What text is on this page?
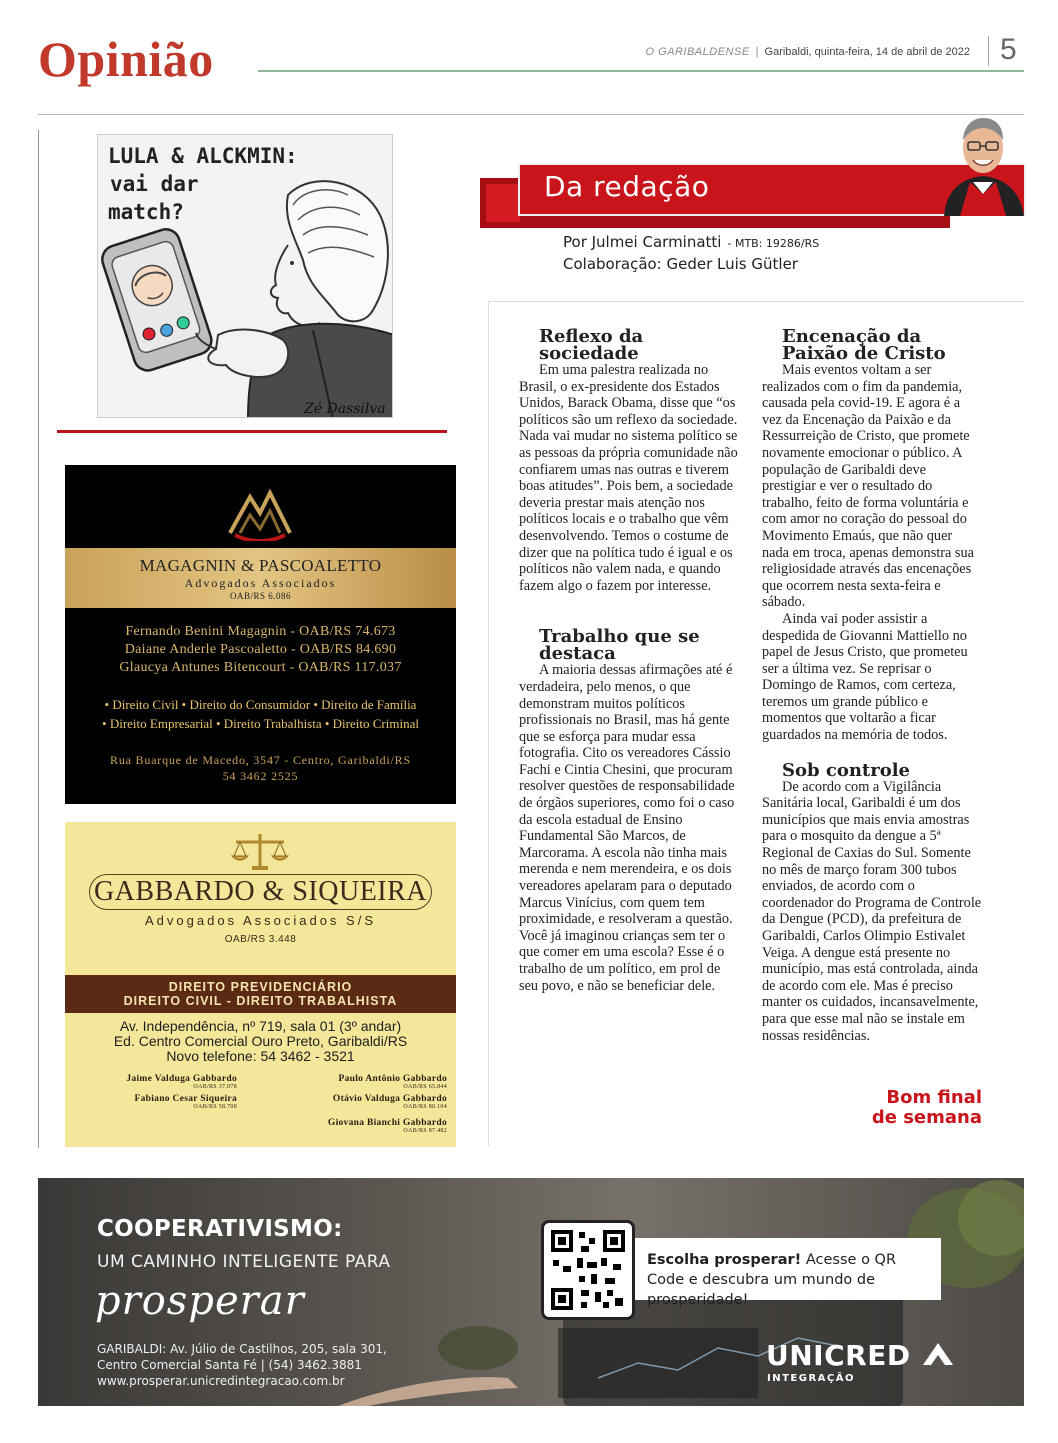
Opinião	O GARIBALDENSE | Garibaldi, quinta-feira, 14 de abril de 2022 5
LULA & ALCKMIN:
vai dar
match?
Zé Dassilva
MAGAGNIN & PASCOALETTO
Advogados Associados
OAB/RS 6.086
Fernando Benini Magagnin - OAB/RS 74.673
Daiane Anderle Pascoaletto - OAB/RS 84.690
Glaucya Antunes Bitencourt - OAB/RS 117.037
• Direito Civil • Direito do Consumidor • Direito de Família
• Direito Empresarial • Direito Trabalhista • Direito Criminal
Rua Buarque de Macedo, 3547 - Centro, Garibaldi/RS
54 3462 2525
GABBARDO & SIQUEIRA
Advogados Associados S/S
OAB/RS 3.448
DIREITO PREVIDENCIÁRIO
DIREITO CIVIL - DIREITO TRABALHISTA
Av. Independência, nº 719, sala 01 (3º andar)
Ed. Centro Comercial Ouro Preto, Garibaldi/RS
Novo telefone: 54 3462 - 3521
Jaime Valduga Gabbardo
OAB/RS 37.078
Paulo Antônio Gabbardo
OAB/RS 65.844
Fabiano Cesar Siqueira
OAB/RS 58.708
Otávio Valduga Gabbardo
OAB/RS 80.104
Giovana Bianchi Gabbardo
OAB/RS 87.482
Da redação
Por Julmei Carminatti - MTB: 19286/RS
Colaboração: Geder Luis Gütler
Reflexo da sociedade

Em uma palestra realizada no Brasil, o ex-presidente dos Estados Unidos, Barack Obama, disse que “os políticos são um reflexo da sociedade. Nada vai mudar no sistema político se as pessoas da própria comunidade não confiarem umas nas outras e tiverem boas atitudes”. Pois bem, a sociedade deveria prestar mais atenção nos políticos locais e o trabalho que vêm desenvolvendo. Temos o costume de dizer que na política tudo é igual e os políticos não valem nada, e quando fazem algo o fazem por interesse.

Trabalho que se destaca

A maioria dessas afirmações até é verdadeira, pelo menos, o que demonstram muitos políticos profissionais no Brasil, mas há gente que se esforça para mudar essa fotografia. Cito os vereadores Cássio Fachi e Cintia Chesini, que procuram resolver questões de responsabilidade de órgãos superiores, como foi o caso da escola estadual de Ensino Fundamental São Marcos, de Marcorama. A escola não tinha mais merenda e nem merendeira, e os dois vereadores apelaram para o deputado Marcus Vinícius, com quem tem proximidade, e resolveram a questão. Você já imaginou crianças sem ter o que comer em uma escola? Esse é o trabalho de um político, em prol de seu povo, e não se beneficiar dele.

Encenação da Paixão de Cristo

Mais eventos voltam a ser realizados com o fim da pandemia, causada pela covid-19. E agora é a vez da Encenação da Paixão e da Ressurreição de Cristo, que promete novamente emocionar o público. A população de Garibaldi deve prestigiar e ver o resultado do trabalho, feito de forma voluntária e com amor no coração do pessoal do Movimento Emaús, que não quer nada em troca, apenas demonstra sua religiosidade através das encenações que ocorrem nesta sexta-feira e sábado.

Ainda vai poder assistir a despedida de Giovanni Mattiello no papel de Jesus Cristo, que prometeu ser a última vez. Se reprisar o Domingo de Ramos, com certeza, teremos um grande público e momentos que voltarão a ficar guardados na memória de todos.

Sob controle

De acordo com a Vigilância Sanitária local, Garibaldi é um dos municípios que mais envia amostras para o mosquito da dengue a 5ª Regional de Caxias do Sul. Somente no mês de março foram 300 tubos enviados, de acordo com o coordenador do Programa de Controle da Dengue (PCD), da prefeitura de Garibaldi, Carlos Olimpio Estivalet Veiga. A dengue está presente no município, mas está controlada, ainda de acordo com ele. Mas é preciso manter os cuidados, incansavelmente, para que esse mal não se instale em nossas residências.

Bom final
de semana
COOPERATIVISMO:
UM CAMINHO INTELIGENTE PARA
prosperar
GARIBALDI: Av. Júlio de Castilhos, 205, sala 301,
Centro Comercial Santa Fé | (54) 3462.3881
www.prosperar.unicredintegracao.com.br
Escolha prosperar! Acesse o QR Code e descubra um mundo de prosperidade!
UNICRED
INTEGRAÇÃO
